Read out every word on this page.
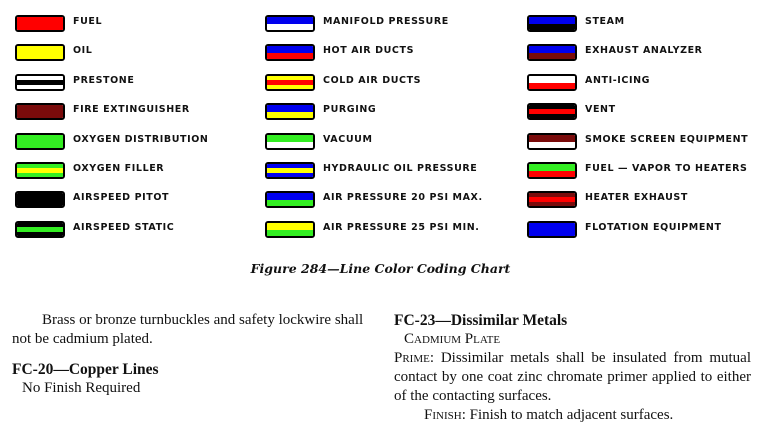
FUEL
OIL
PRESTONE
FIRE EXTINGUISHER
OXYGEN DISTRIBUTION
OXYGEN FILLER
AIRSPEED PITOT
AIRSPEED STATIC
MANIFOLD PRESSURE
HOT AIR DUCTS
COLD AIR DUCTS
PURGING
VACUUM
HYDRAULIC OIL PRESSURE
AIR PRESSURE 20 PSI MAX.
AIR PRESSURE 25 PSI MIN.
STEAM
EXHAUST ANALYZER
ANTI-ICING
VENT
SMOKE SCREEN EQUIPMENT
FUEL — VAPOR TO HEATERS
HEATER EXHAUST
FLOTATION EQUIPMENT
Figure 284—Line Color Coding Chart

Brass or bronze turnbuckles and safety lockwire shall not be cadmium plated.

FC-20—Copper Lines

No Finish Required

FC-23—Dissimilar Metals

Cadmium Plate

Prime: Dissimilar metals shall be insulated from mutual contact by one coat zinc chromate primer applied to either of the contacting surfaces.

Finish: Finish to match adjacent surfaces.
